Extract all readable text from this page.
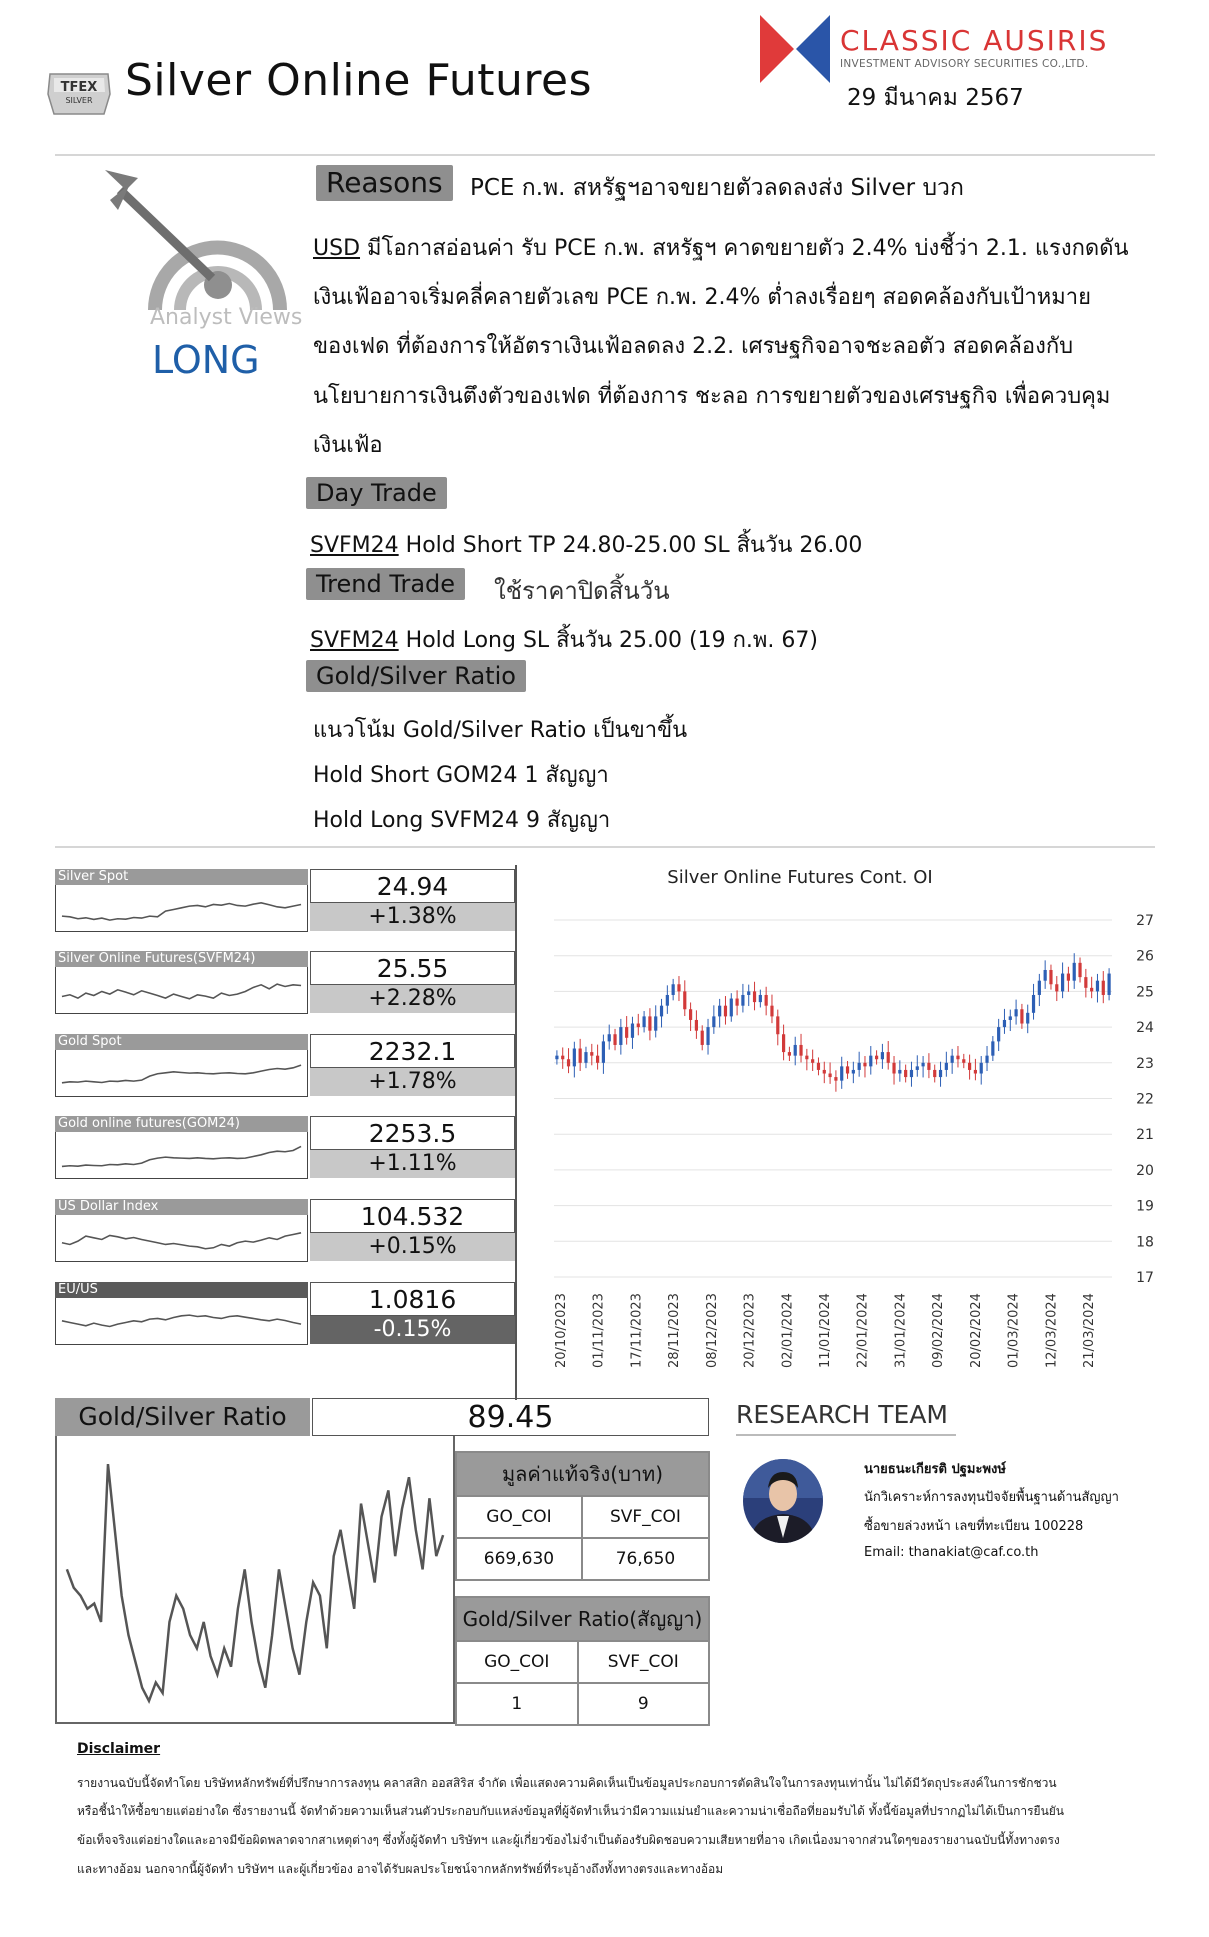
TFEX
SILVER Silver Online Futures
CLASSIC AUSIRIS
INVESTMENT ADVISORY SECURITIES CO.,LTD.
29 มีนาคม 2567
Analyst Views
LONG
Reasons	PCE ก.พ. สหรัฐฯอาจขยายตัวลดลงส่ง Silver บวก
USD มีโอกาสอ่อนค่า รับ PCE ก.พ. สหรัฐฯ คาดขยายตัว 2.4% บ่งชี้ว่า 2.1. แรงกดดัน
เงินเฟ้ออาจเริ่มคลี่คลายตัวเลข PCE ก.พ. 2.4% ต่ำลงเรื่อยๆ สอดคล้องกับเป้าหมาย
ของเฟด ที่ต้องการให้อัตราเงินเฟ้อลดลง 2.2. เศรษฐกิจอาจชะลอตัว สอดคล้องกับ
นโยบายการเงินตึงตัวของเฟด ที่ต้องการ ชะลอ การขยายตัวของเศรษฐกิจ เพื่อควบคุม
เงินเฟ้อ
Day Trade
SVFM24 Hold Short TP 24.80-25.00 SL สิ้นวัน 26.00
Trend Trade	ใช้ราคาปิดสิ้นวัน
SVFM24 Hold Long SL สิ้นวัน 25.00 (19 ก.พ. 67)
Gold/Silver Ratio
แนวโน้ม Gold/Silver Ratio เป็นขาขึ้น
Hold Short GOM24 1 สัญญา
Hold Long SVFM24 9 สัญญา
Silver Spot	24.94
+1.38%
Silver Online Futures(SVFM24)	25.55
+2.28%
Gold Spot	2232.1
+1.78%
Gold online futures(GOM24)	2253.5
+1.11%
US Dollar Index	104.532
+0.15%
EU/US	1.0816
-0.15%
Silver Online Futures Cont. OI
27
26
25
24
23
22
21
20
19
18
17
20/10/2023 01/11/2023 17/11/2023 28/11/2023 08/12/2023 20/12/2023 02/01/2024 11/01/2024 22/01/2024 31/01/2024 09/02/2024 20/02/2024 01/03/2024 12/03/2024 21/03/2024
Gold/Silver Ratio	89.45	RESEARCH TEAM
มูลค่าแท้จริง(บาท)	
GO_COI	SVF_COI
669,630	76,650
Gold/Silver Ratio(สัญญา)	
GO_COI	SVF_COI
1	9
นายธนะเกียรติ ปฐมะพงษ์
นักวิเคราะห์การลงทุนปัจจัยพื้นฐานด้านสัญญา
ซื้อขายล่วงหน้า เลขที่ทะเบียน 100228
Email: thanakiat@caf.co.th
Disclaimer
รายงานฉบับนี้จัดทำโดย บริษัทหลักทรัพย์ที่ปรึกษาการลงทุน คลาสสิก ออสสิริส จำกัด เพื่อแสดงความคิดเห็นเป็นข้อมูลประกอบการตัดสินใจในการลงทุนเท่านั้น ไม่ได้มีวัตถุประสงค์ในการชักชวน
หรือชี้นำให้ซื้อขายแต่อย่างใด ซึ่งรายงานนี้ จัดทำด้วยความเห็นส่วนตัวประกอบกับแหล่งข้อมูลที่ผู้จัดทำเห็นว่ามีความแม่นยำและความน่าเชื่อถือที่ยอมรับได้ ทั้งนี้ข้อมูลที่ปรากฏไม่ได้เป็นการยืนยัน
ข้อเท็จจริงแต่อย่างใดและอาจมีข้อผิดพลาดจากสาเหตุต่างๆ ซึ่งทั้งผู้จัดทำ บริษัทฯ และผู้เกี่ยวข้องไม่จำเป็นต้องรับผิดชอบความเสียหายที่อาจ เกิดเนื่องมาจากส่วนใดๆของรายงานฉบับนี้ทั้งทางตรง
และทางอ้อม นอกจากนี้ผู้จัดทำ บริษัทฯ และผู้เกี่ยวข้อง อาจได้รับผลประโยชน์จากหลักทรัพย์ที่ระบุอ้างถึงทั้งทางตรงและทางอ้อม
